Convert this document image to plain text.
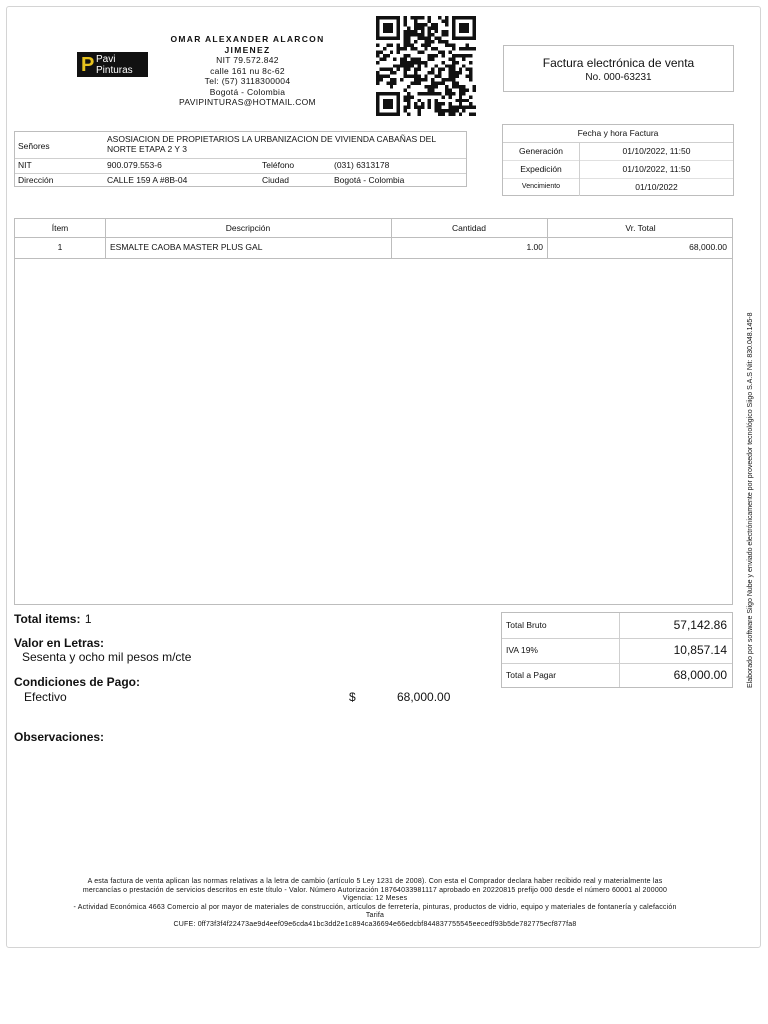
OMAR ALEXANDER ALARCON JIMENEZ
NIT 79.572.842
calle 161 nu 8c-62
Tel: (57) 3118300004
Bogotá - Colombia
PAVIPINTURAS@HOTMAIL.COM
P Pavi Pinturas	Factura electrónica de venta
No. 000-63231
Señores
ASOSIACION DE PROPIETARIOS LA URBANIZACION DE VIVIENDA CABAÑAS DEL NORTE ETAPA 2 Y 3
NIT	900.079.553-6	Teléfono	(031) 6313178
Dirección	CALLE 159 A #8B-04	Ciudad	Bogotá - Colombia
Fecha y hora Factura
Generación	01/10/2022, 11:50
Expedición	01/10/2022, 11:50
Vencimiento	01/10/2022
Ítem	Descripción	Cantidad	Vr. Total
1	ESMALTE CAOBA MASTER PLUS GAL	1.00	68,000.00
Total items: 1
Valor en Letras:
Sesenta y ocho mil pesos m/cte
Condiciones de Pago:
Efectivo	$	68,000.00
Observaciones:
Total Bruto	57,142.86
IVA 19%	10,857.14
Total a Pagar	68,000.00
A esta factura de venta aplican las normas relativas a la letra de cambio (artículo 5 Ley 1231 de 2008). Con esta el Comprador declara haber recibido real y materialmente las
mercancías o prestación de servicios descritos en este título - Valor. Número Autorización 18764033981117 aprobado en 20220815 prefijo 000 desde el número 60001 al 200000
Vigencia: 12 Meses
- Actividad Económica 4663 Comercio al por mayor de materiales de construcción, artículos de ferretería, pinturas, productos de vidrio, equipo y materiales de fontanería y calefacción
Tarifa
CUFE: 0ff73f3f4f22473ae9d4eef09e6cda41bc3dd2e1c894ca36694e66edcbf844837755545eecedf93b5de782775ecf877fa8
Elaborado por software Siigo Nube y enviado electrónicamente por proveedor tecnológico Siigo S.A.S Nit: 830.048.145-8
